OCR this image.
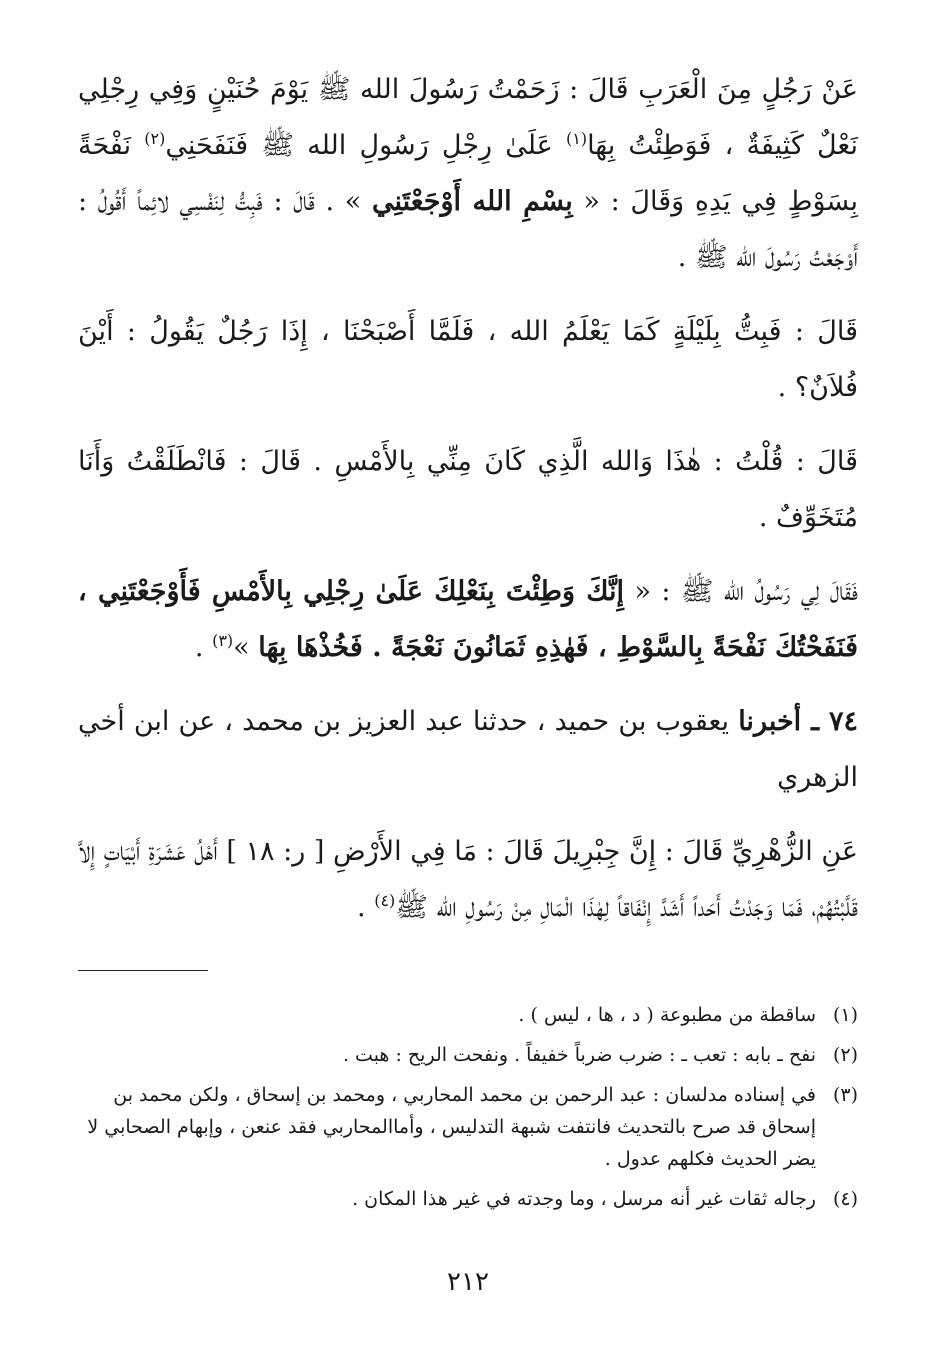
عَنْ رَجُلٍ مِنَ الْعَرَبِ قَالَ : زَحَمْتُ رَسُولَ الله ﷺ يَوْمَ حُنَيْنٍ وَفِي رِجْلِي نَعْلٌ كَثِيفَةٌ ، فَوَطِئْتُ بِهَا$^{(١)}$ عَلَىٰ رِجْلِ رَسُولِ الله ﷺ فَنَفَحَنِي$^{(٢)}$ نَفْحَةً بِسَوْطٍ فِي يَدِهِ وَقَالَ : « بِسْمِ الله أَوْجَعْتَنِي » . قَالَ : فَبِتُّ لِنَفْسِي لائِماً أَقُولُ : أَوْجَعْتُ رَسُولَ الله ﷺ .

قَالَ : فَبِتُّ بِلَيْلَةٍ كَمَا يَعْلَمُ الله ، فَلَمَّا أَصْبَحْنَا ، إِذَا رَجُلٌ يَقُولُ : أَيْنَ فُلاَنٌ؟ .

قَالَ : قُلْتُ : هٰذَا وَالله الَّذِي كَانَ مِنِّي بِالأَمْسِ . قَالَ : فَانْطَلَقْتُ وَأَنَا مُتَخَوِّفٌ .

فَقَالَ لِي رَسُولُ الله ﷺ : « إِنَّكَ وَطِئْتَ بِنَعْلِكَ عَلَىٰ رِجْلِي بِالأَمْسِ فَأَوْجَعْتَنِي ، فَنَفَحْتُكَ نَفْحَةً بِالسَّوْطِ ، فَهٰذِهِ ثَمَانُونَ نَعْجَةً . فَخُذْهَا بِهَا »$^{(٣)}$ .

٧٤ ـ أخبرنا يعقوب بن حميد ، حدثنا عبد العزيز بن محمد ، عن ابن أخي الزهري

عَنِ الزُّهْرِيِّ قَالَ : إِنَّ جِبْرِيلَ قَالَ : مَا فِي الأَرْضِ [ ر: ١٨ ] أَهْلُ عَشَرَةِ أَبْيَاتٍ إِلاَّ قَلَّبْتُهُمْ، فَمَا وَجَدْتُ أَحَداً أَشَدَّ إِنْفَاقاً لِهٰذَا الْمَالِ مِنْ رَسُولِ الله ﷺ$^{(٤)}$ .

(١)
ساقطة من مطبوعة ( د ، ها ، ليس ) .
(٢)
نفح ـ بابه : تعب ـ : ضرب ضرباً خفيفاً . ونفحت الريح : هبت .
(٣)
في إسناده مدلسان : عبد الرحمن بن محمد المحاربي ، ومحمد بن إسحاق ، ولكن محمد بن إسحاق قد صرح بالتحديث فانتفت شبهة التدليس ، وأماالمحاربي فقد عنعن ، وإبهام الصحابي لا يضر الحديث فكلهم عدول .
(٤)
رجاله ثقات غير أنه مرسل ، وما وجدته في غير هذا المكان .
٢١٢
